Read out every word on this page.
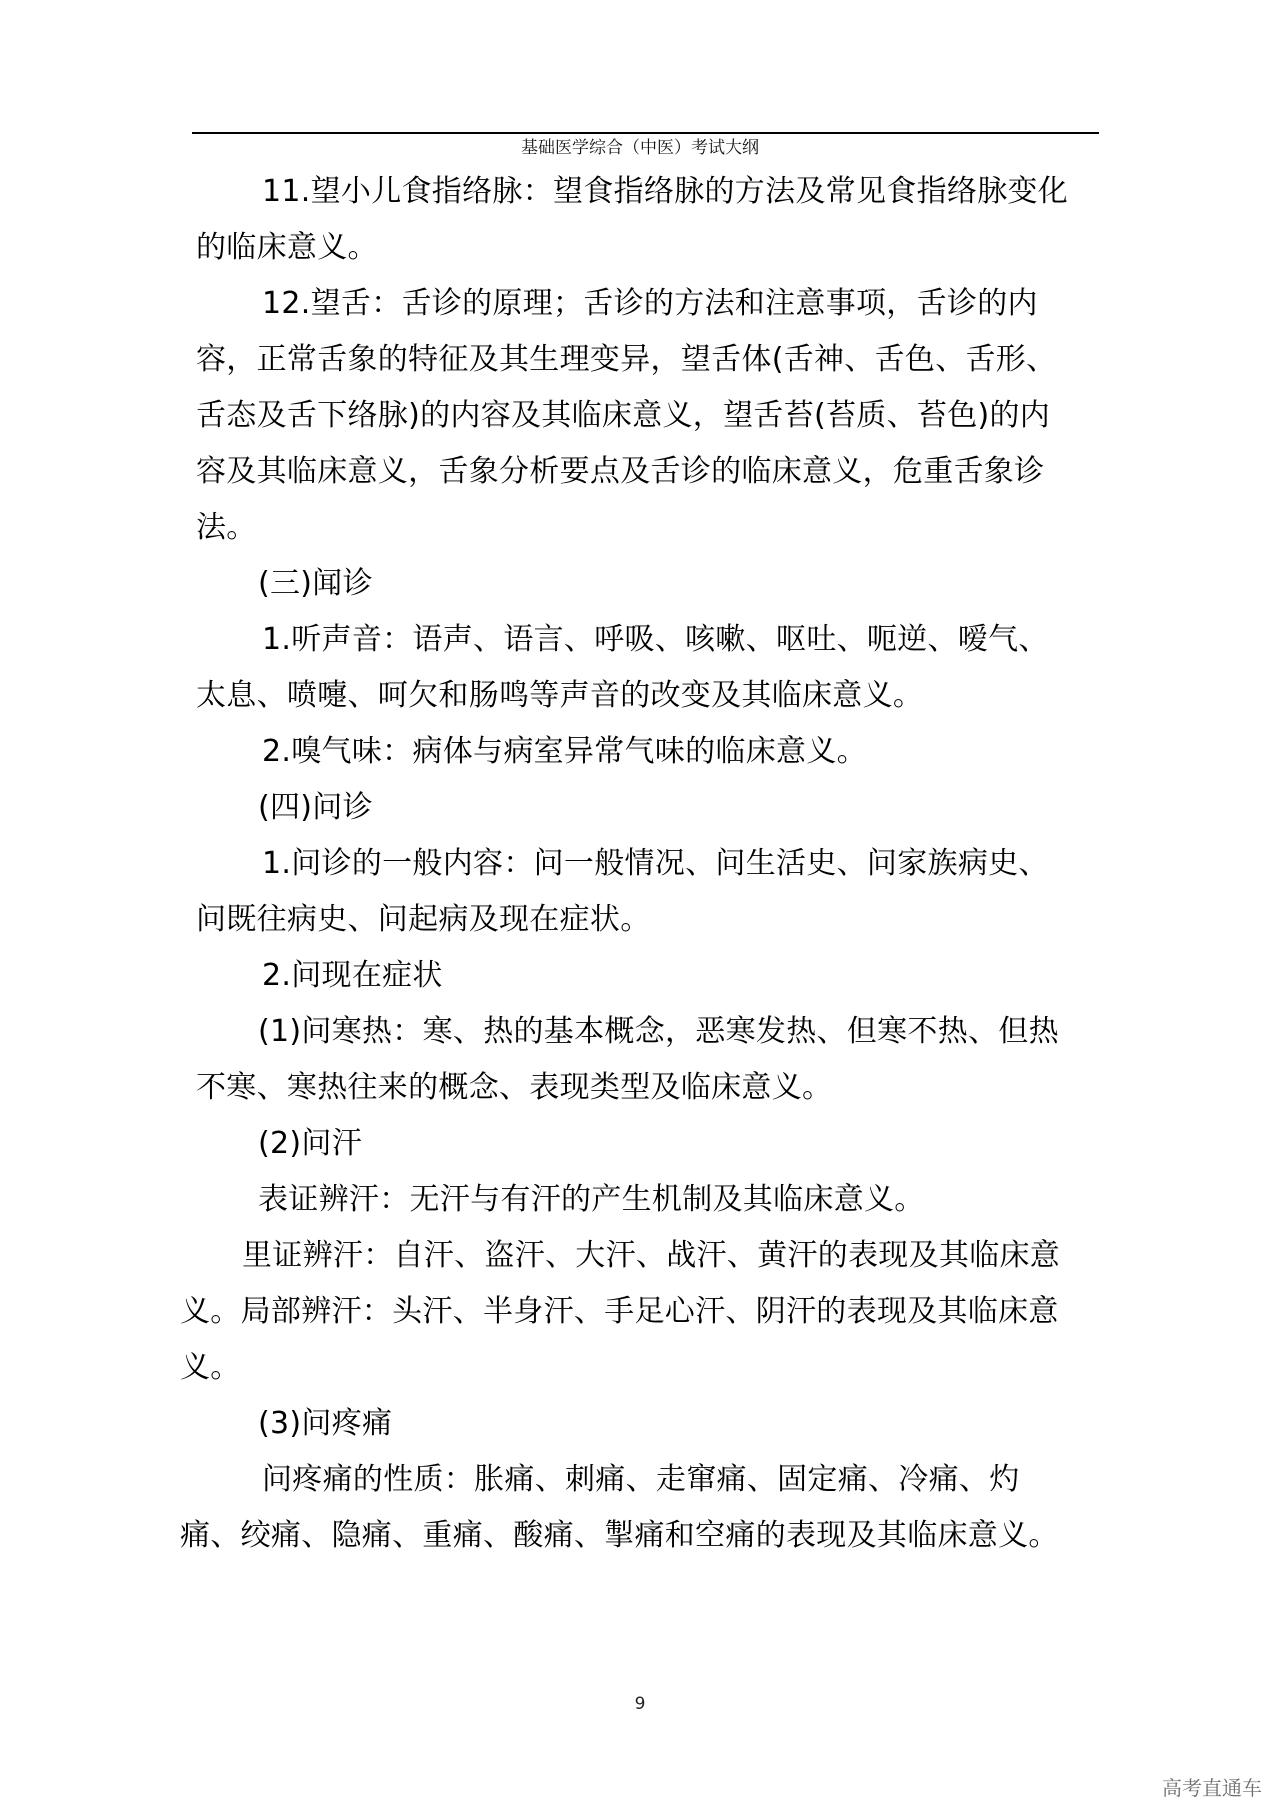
基础医学综合（中医）考试大纲
11.望小儿食指络脉：望食指络脉的方法及常见食指络脉变化
的临床意义。
12.望舌：舌诊的原理；舌诊的方法和注意事项，舌诊的内
容，正常舌象的特征及其生理变异，望舌体(舌神、舌色、舌形、
舌态及舌下络脉)的内容及其临床意义，望舌苔(苔质、苔色)的内
容及其临床意义，舌象分析要点及舌诊的临床意义，危重舌象诊
法。
(三)闻诊
1.听声音：语声、语言、呼吸、咳嗽、呕吐、呃逆、嗳气、
太息、喷嚏、呵欠和肠鸣等声音的改变及其临床意义。
2.嗅气味：病体与病室异常气味的临床意义。
(四)问诊
1.问诊的一般内容：问一般情况、问生活史、问家族病史、
问既往病史、问起病及现在症状。
2.问现在症状
(1)问寒热：寒、热的基本概念，恶寒发热、但寒不热、但热
不寒、寒热往来的概念、表现类型及临床意义。
(2)问汗
表证辨汗：无汗与有汗的产生机制及其临床意义。
里证辨汗：自汗、盗汗、大汗、战汗、黄汗的表现及其临床意
义。局部辨汗：头汗、半身汗、手足心汗、阴汗的表现及其临床意
义。
(3)问疼痛
问疼痛的性质：胀痛、刺痛、走窜痛、固定痛、冷痛、灼
痛、绞痛、隐痛、重痛、酸痛、掣痛和空痛的表现及其临床意义。
9
高考直通车
